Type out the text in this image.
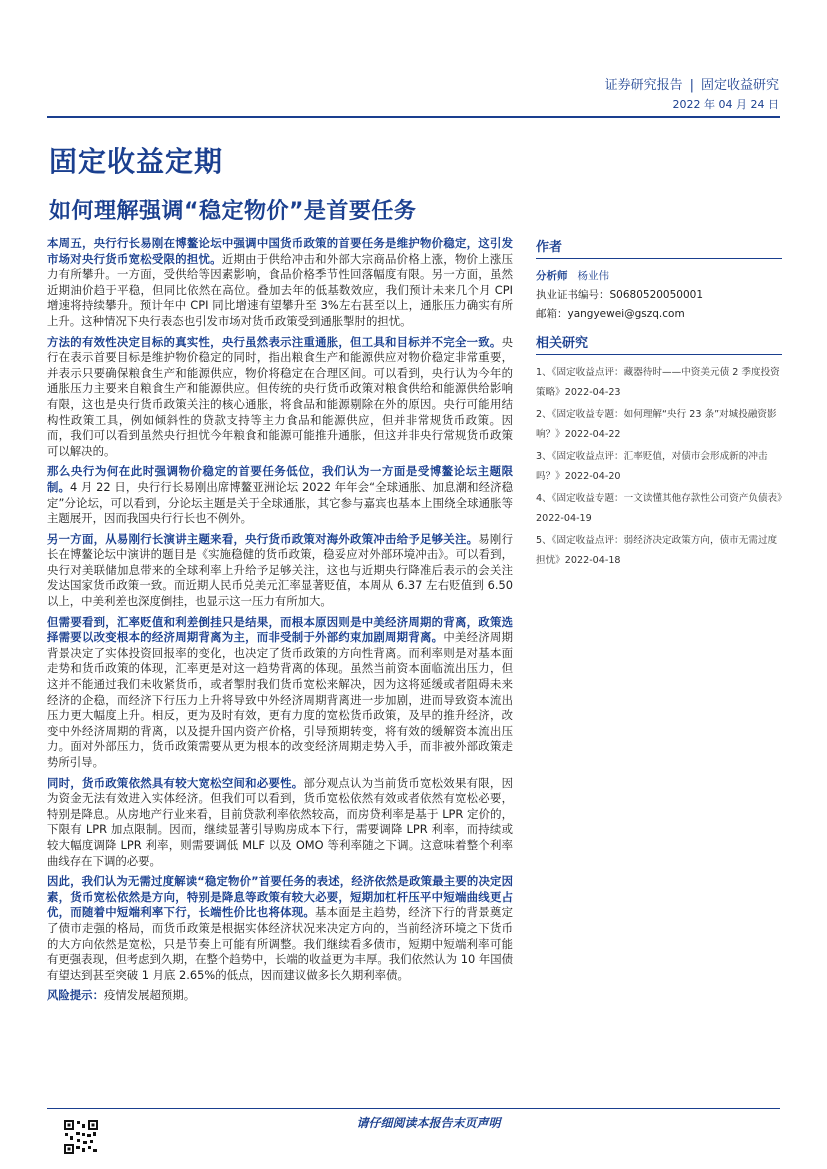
证券研究报告 | 固定收益研究
2022 年 04 月 24 日
固定收益定期
如何理解强调“稳定物价”是首要任务

本周五，央行行长易刚在博鳌论坛中强调中国货币政策的首要任务是维护物价稳定，这引发市场对央行货币宽松受限的担忧。近期由于供给冲击和外部大宗商品价格上涨，物价上涨压力有所攀升。一方面，受供给等因素影响，食品价格季节性回落幅度有限。另一方面，虽然近期油价趋于平稳，但同比依然在高位。叠加去年的低基数效应，我们预计未来几个月 CPI 增速将持续攀升。预计年中 CPI 同比增速有望攀升至 3%左右甚至以上，通胀压力确实有所上升。这种情况下央行表态也引发市场对货币政策受到通胀掣肘的担忧。

方法的有效性决定目标的真实性，央行虽然表示注重通胀，但工具和目标并不完全一致。央行在表示首要目标是维护物价稳定的同时，指出粮食生产和能源供应对物价稳定非常重要，并表示只要确保粮食生产和能源供应，物价将稳定在合理区间。可以看到，央行认为今年的通胀压力主要来自粮食生产和能源供应。但传统的央行货币政策对粮食供给和能源供给影响有限，这也是央行货币政策关注的核心通胀，将食品和能源剔除在外的原因。央行可能用结构性政策工具，例如倾斜性的贷款支持等主力食品和能源供应，但并非常规货币政策。因而，我们可以看到虽然央行担忧今年粮食和能源可能推升通胀，但这并非央行常规货币政策可以解决的。

那么央行为何在此时强调物价稳定的首要任务低位，我们认为一方面是受博鳌论坛主题限制。4 月 22 日，央行行长易刚出席博鳌亚洲论坛 2022 年年会“全球通胀、加息潮和经济稳定”分论坛，可以看到，分论坛主题是关于全球通胀，其它参与嘉宾也基本上围绕全球通胀等主题展开，因而我国央行行长也不例外。

另一方面，从易刚行长演讲主题来看，央行货币政策对海外政策冲击给予足够关注。易刚行长在博鳌论坛中演讲的题目是《实施稳健的货币政策，稳妥应对外部环境冲击》。可以看到，央行对美联储加息带来的全球利率上升给予足够关注，这也与近期央行降准后表示的会关注发达国家货币政策一致。而近期人民币兑美元汇率显著贬值，本周从 6.37 左右贬值到 6.50 以上，中美利差也深度倒挂，也显示这一压力有所加大。

但需要看到，汇率贬值和利差倒挂只是结果，而根本原因则是中美经济周期的背离，政策选择需要以改变根本的经济周期背离为主，而非受制于外部约束加剧周期背离。中美经济周期背景决定了实体投资回报率的变化，也决定了货币政策的方向性背离。而利率则是对基本面走势和货币政策的体现，汇率更是对这一趋势背离的体现。虽然当前资本面临流出压力，但这并不能通过我们未收紧货币，或者掣肘我们货币宽松来解决，因为这将延缓或者阻碍未来经济的企稳，而经济下行压力上升将导致中外经济周期背离进一步加剧，进而导致资本流出压力更大幅度上升。相反，更为及时有效，更有力度的宽松货币政策，及早的推升经济，改变中外经济周期的背离，以及提升国内资产价格，引导预期转变，将有效的缓解资本流出压力。面对外部压力，货币政策需要从更为根本的改变经济周期走势入手，而非被外部政策走势所引导。

同时，货币政策依然具有较大宽松空间和必要性。部分观点认为当前货币宽松效果有限，因为资金无法有效进入实体经济。但我们可以看到，货币宽松依然有效或者依然有宽松必要，特别是降息。从房地产行业来看，目前贷款利率依然较高，而房贷利率是基于 LPR 定价的，下限有 LPR 加点限制。因而，继续显著引导购房成本下行，需要调降 LPR 利率，而持续或较大幅度调降 LPR 利率，则需要调低 MLF 以及 OMO 等利率随之下调。这意味着整个利率曲线存在下调的必要。

因此，我们认为无需过度解读“稳定物价”首要任务的表述，经济依然是政策最主要的决定因素，货币宽松依然是方向，特别是降息等政策有较大必要，短期加杠杆压平中短端曲线更占优，而随着中短端利率下行，长端性价比也将体现。基本面是主趋势，经济下行的背景奠定了债市走强的格局，而货币政策是根据实体经济状况来决定方向的，当前经济环境之下货币的大方向依然是宽松，只是节奏上可能有所调整。我们继续看多债市，短期中短端利率可能有更强表现，但考虑到久期，在整个趋势中，长端的收益更为丰厚。我们依然认为 10 年国债有望达到甚至突破 1 月底 2.65%的低点，因而建议做多长久期利率债。

风险提示：疫情发展超预期。

作者
分析师 杨业伟
执业证书编号：S0680520050001
邮箱：yangyewei@gszq.com
相关研究
1、《固定收益点评：藏器待时——中资美元债 2 季度投资策略》2022-04-23
2、《固定收益专题：如何理解“央行 23 条”对城投融资影响？》2022-04-22
3、《固定收益点评：汇率贬值，对债市会形成新的冲击吗？》2022-04-20
4、《固定收益专题：一文读懂其他存款性公司资产负债表》2022-04-19
5、《固定收益点评：弱经济决定政策方向，债市无需过度担忧》2022-04-18
请仔细阅读本报告末页声明
